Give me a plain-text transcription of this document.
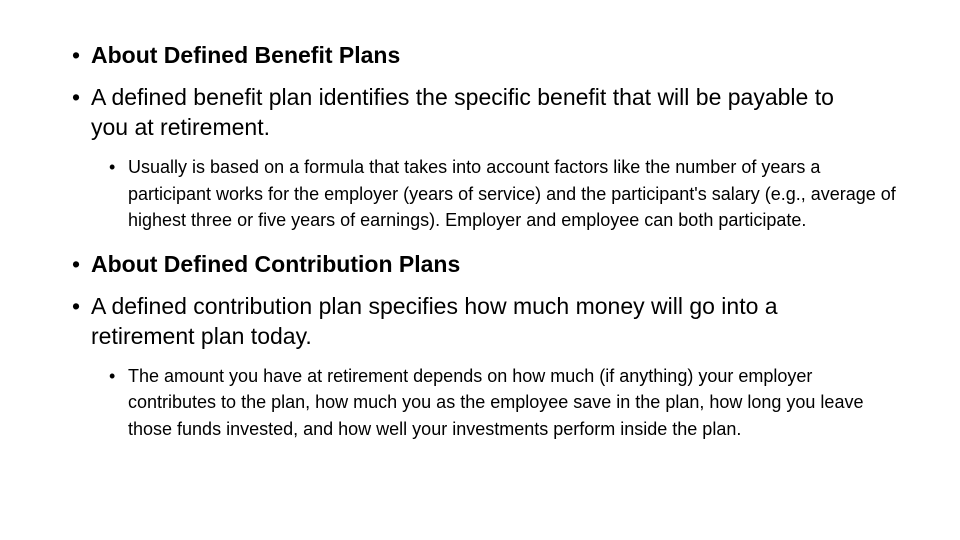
• About Defined Benefit Plans
• A defined benefit plan identifies the specific benefit that will be payable to you at retirement.
• Usually is based on a formula that takes into account factors like the number of years a participant works for the employer (years of service) and the participant's salary (e.g., average of highest three or five years of earnings). Employer and employee can both participate.
• About Defined Contribution Plans
• A defined contribution plan specifies how much money will go into a retirement plan today.
• The amount you have at retirement depends on how much (if anything) your employer contributes to the plan, how much you as the employee save in the plan, how long you leave those funds invested, and how well your investments perform inside the plan.
